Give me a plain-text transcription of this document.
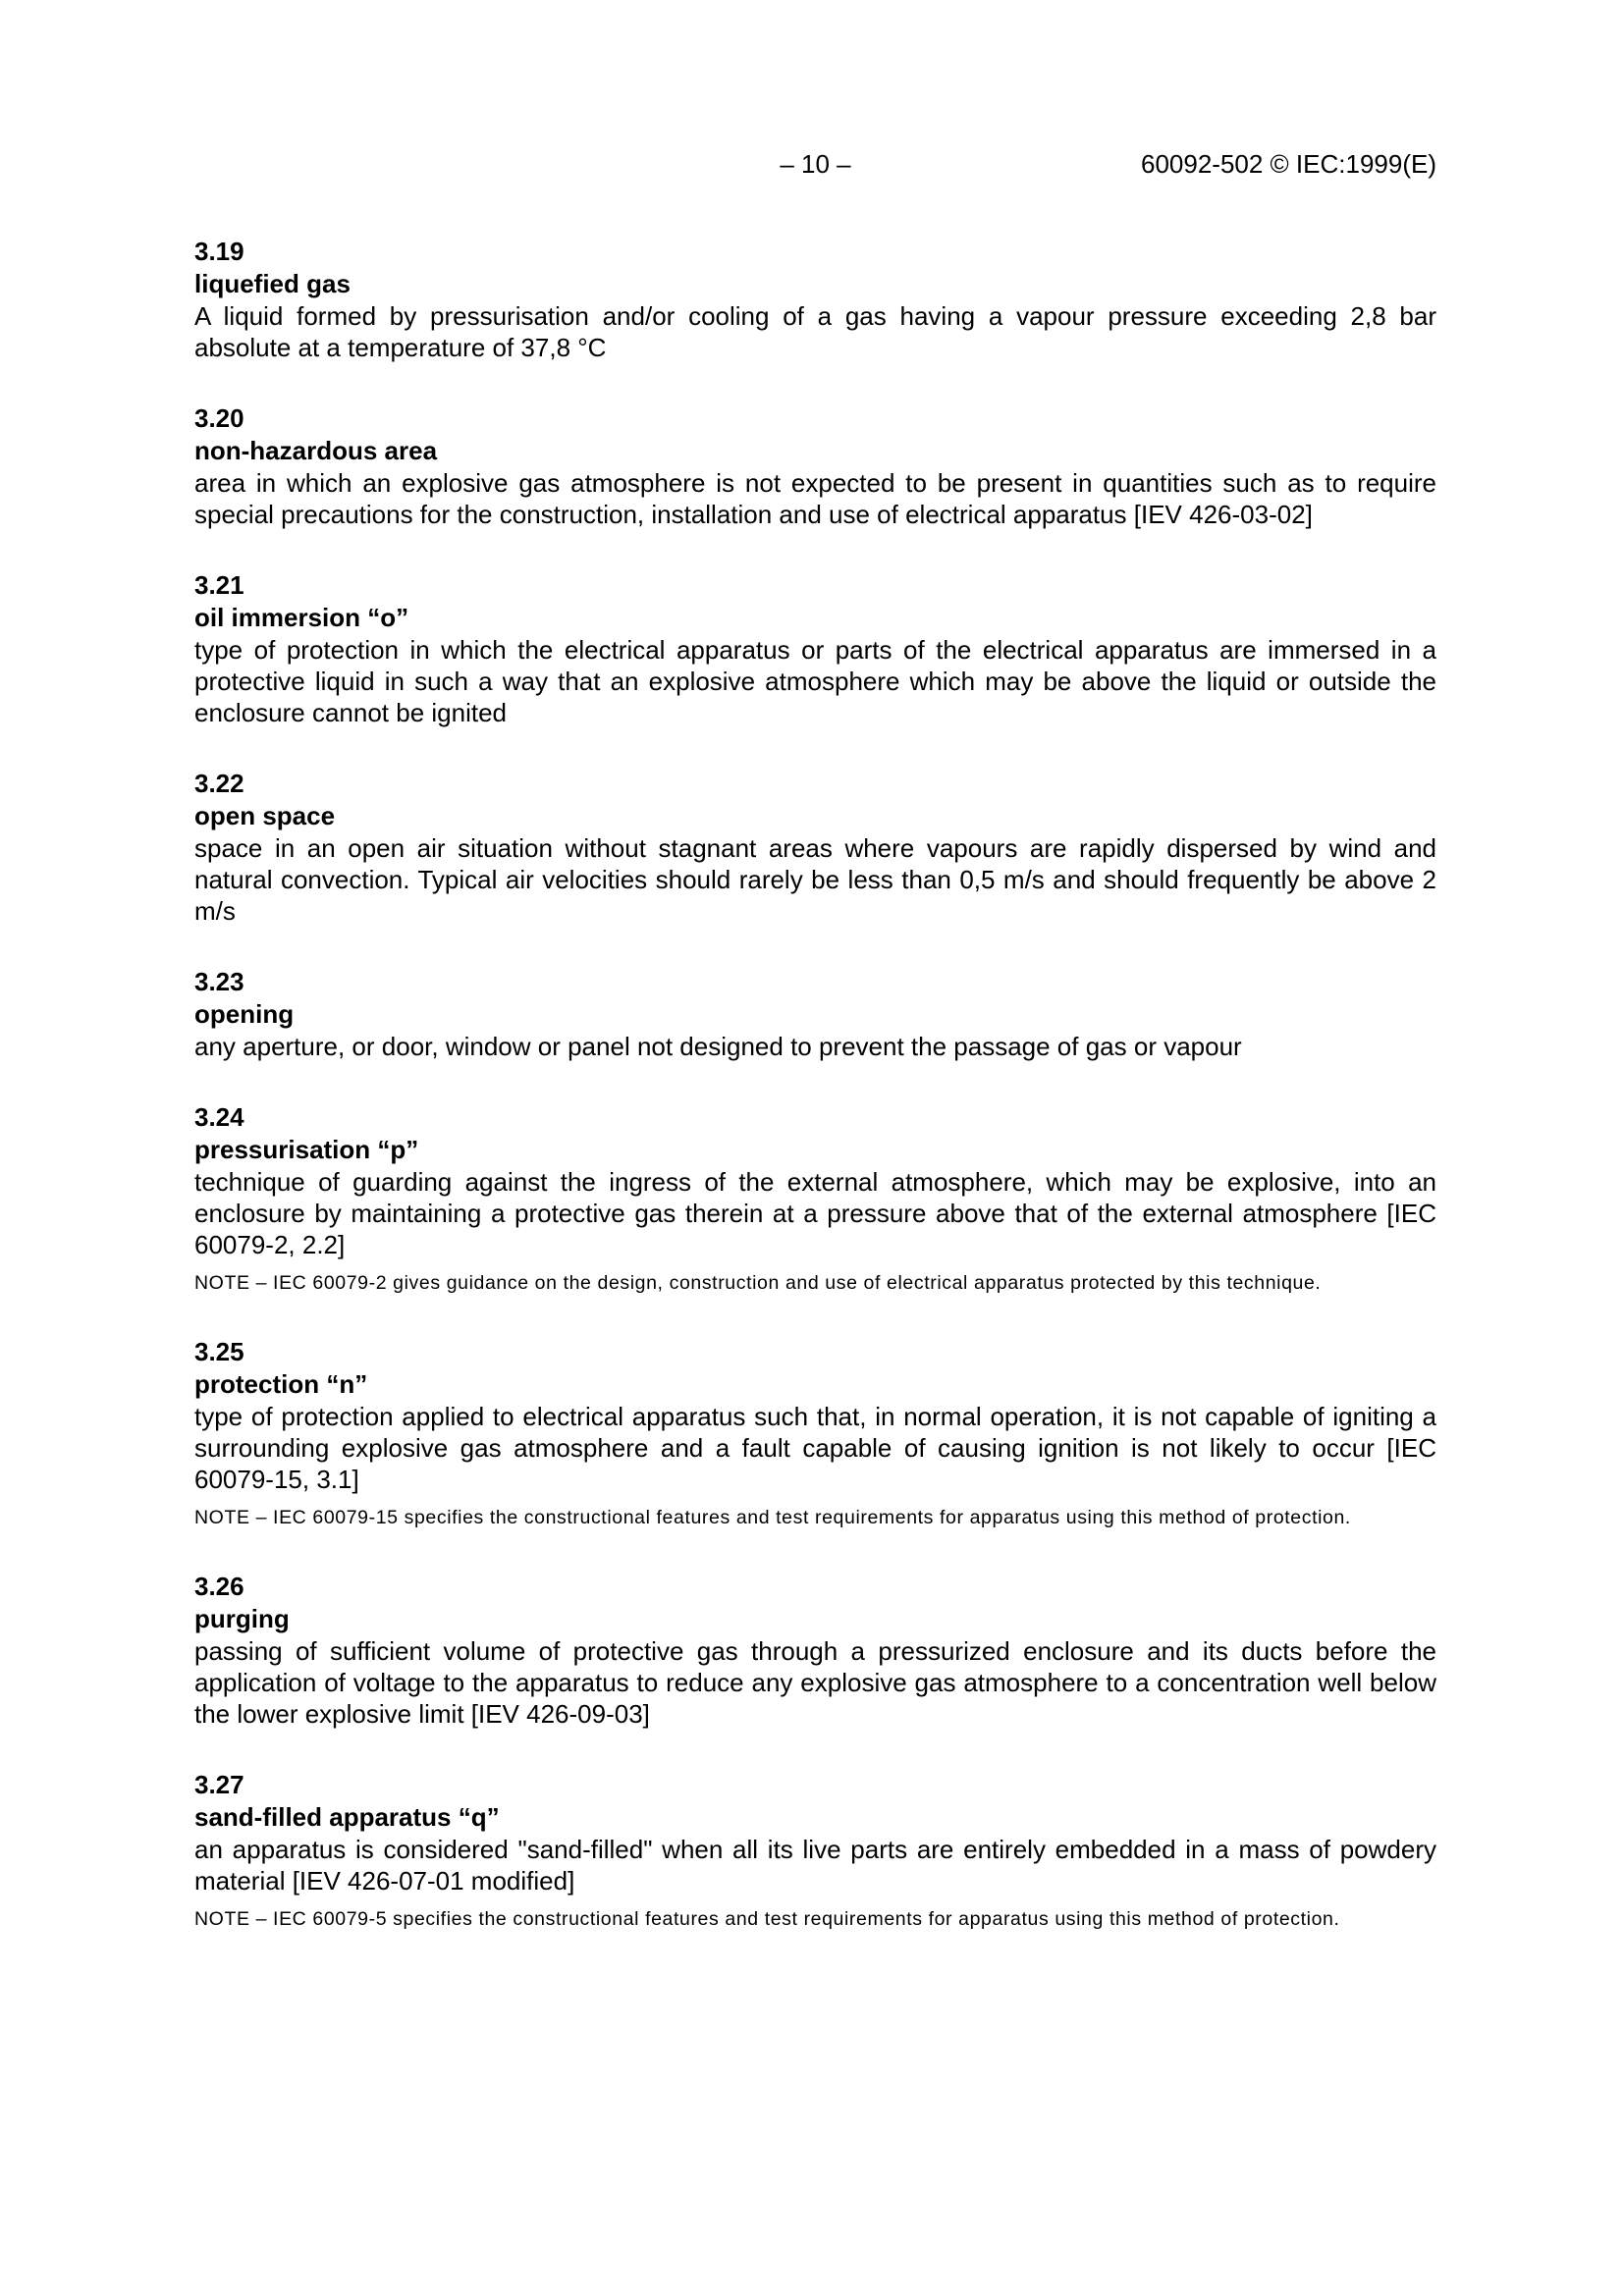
– 10 –	60092-502 © IEC:1999(E)
3.19
liquefied gas
A liquid formed by pressurisation and/or cooling of a gas having a vapour pressure exceeding 2,8 bar absolute at a temperature of 37,8 °C
3.20
non-hazardous area
area in which an explosive gas atmosphere is not expected to be present in quantities such as to require special precautions for the construction, installation and use of electrical apparatus [IEV 426-03-02]
3.21
oil immersion “o”
type of protection in which the electrical apparatus or parts of the electrical apparatus are immersed in a protective liquid in such a way that an explosive atmosphere which may be above the liquid or outside the enclosure cannot be ignited
3.22
open space
space in an open air situation without stagnant areas where vapours are rapidly dispersed by wind and natural convection. Typical air velocities should rarely be less than 0,5 m/s and should frequently be above 2 m/s
3.23
opening
any aperture, or door, window or panel not designed to prevent the passage of gas or vapour
3.24
pressurisation “p”
technique of guarding against the ingress of the external atmosphere, which may be explosive, into an enclosure by maintaining a protective gas therein at a pressure above that of the external atmosphere [IEC 60079-2, 2.2]
NOTE – IEC 60079-2 gives guidance on the design, construction and use of electrical apparatus protected by this technique.
3.25
protection “n”
type of protection applied to electrical apparatus such that, in normal operation, it is not capable of igniting a surrounding explosive gas atmosphere and a fault capable of causing ignition is not likely to occur [IEC 60079-15, 3.1]
NOTE – IEC 60079-15 specifies the constructional features and test requirements for apparatus using this method of protection.
3.26
purging
passing of sufficient volume of protective gas through a pressurized enclosure and its ducts before the application of voltage to the apparatus to reduce any explosive gas atmosphere to a concentration well below the lower explosive limit [IEV 426-09-03]
3.27
sand-filled apparatus “q”
an apparatus is considered "sand-filled" when all its live parts are entirely embedded in a mass of powdery material [IEV 426-07-01 modified]
NOTE – IEC 60079-5 specifies the constructional features and test requirements for apparatus using this method of protection.
